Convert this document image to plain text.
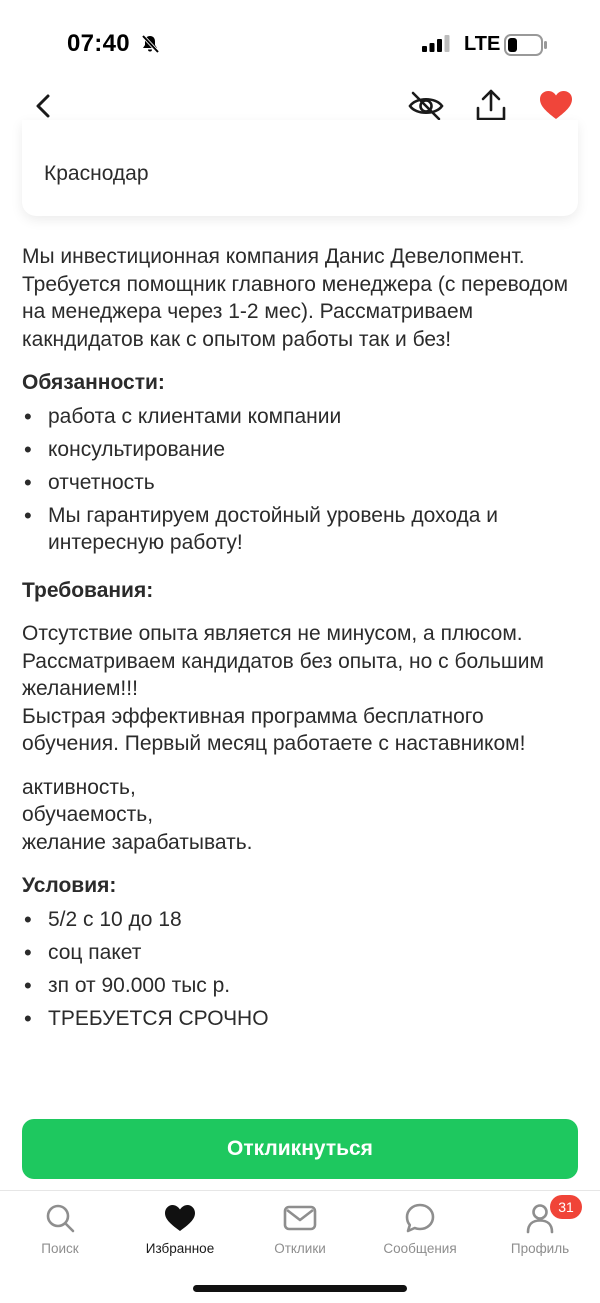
07:40	LTE
Краснодар

Мы инвестиционная компания Данис Девелопмент. Требуется помощник главного менеджера (с переводом на менеджера через 1-2 мес). Рассматриваем какндидатов как с опытом работы так и без!

Обязанности:
• работа с клиентами компании
• консультирование
• отчетность
• Мы гарантируем достойный уровень дохода и интересную работу!
Требования:

Отсутствие опыта является не минусом, а плюсом.
Рассматриваем кандидатов без опыта, но с большим желанием!!!
Быстрая эффективная программа бесплатного обучения. Первый месяц работаете с наставником!

активность,
обучаемость,
желание зарабатывать.

Условия:
• 5/2 с 10 до 18
• соц пакет
• зп от 90.000 тыс р.
• ТРЕБУЕТСЯ СРОЧНО
Откликнуться
Поиск	Избранное	Отклики	Сообщения
31
Профиль
